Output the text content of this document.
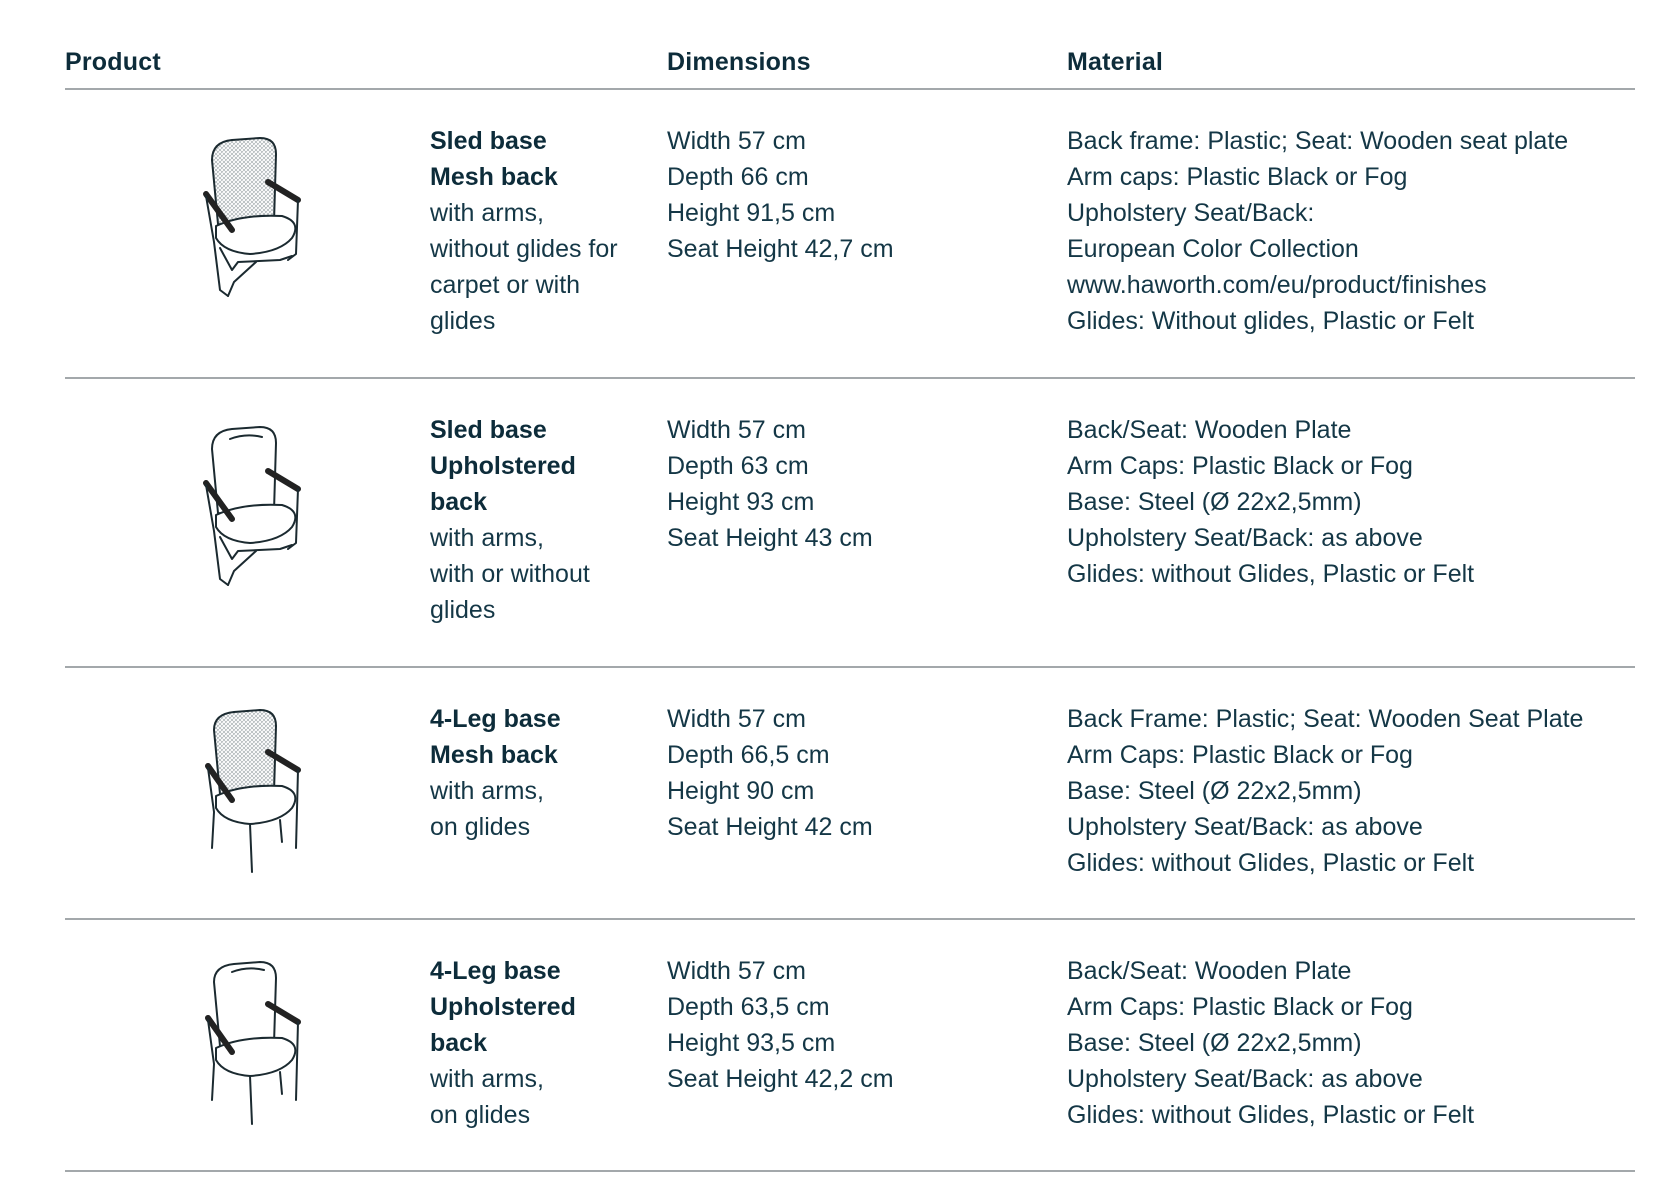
Product	Dimensions	Material
Sled base
Mesh back
with arms,
without glides for
carpet or with
glides
Width 57 cm
Depth 66 cm
Height 91,5 cm
Seat Height 42,7 cm
Back frame: Plastic; Seat: Wooden seat plate
Arm caps: Plastic Black or Fog
Upholstery Seat/Back:
European Color Collection
www.haworth.com/eu/product/finishes
Glides: Without glides, Plastic or Felt
Sled base
Upholstered
back
with arms,
with or without
glides
Width 57 cm
Depth 63 cm
Height 93 cm
Seat Height 43 cm
Back/Seat: Wooden Plate
Arm Caps: Plastic Black or Fog
Base: Steel (Ø 22x2,5mm)
Upholstery Seat/Back: as above
Glides: without Glides, Plastic or Felt
4-Leg base
Mesh back
with arms,
on glides
Width 57 cm
Depth 66,5 cm
Height 90 cm
Seat Height 42 cm
Back Frame: Plastic; Seat: Wooden Seat Plate
Arm Caps: Plastic Black or Fog
Base: Steel (Ø 22x2,5mm)
Upholstery Seat/Back: as above
Glides: without Glides, Plastic or Felt
4-Leg base
Upholstered
back
with arms,
on glides
Width 57 cm
Depth 63,5 cm
Height 93,5 cm
Seat Height 42,2 cm
Back/Seat: Wooden Plate
Arm Caps: Plastic Black or Fog
Base: Steel (Ø 22x2,5mm)
Upholstery Seat/Back: as above
Glides: without Glides, Plastic or Felt
